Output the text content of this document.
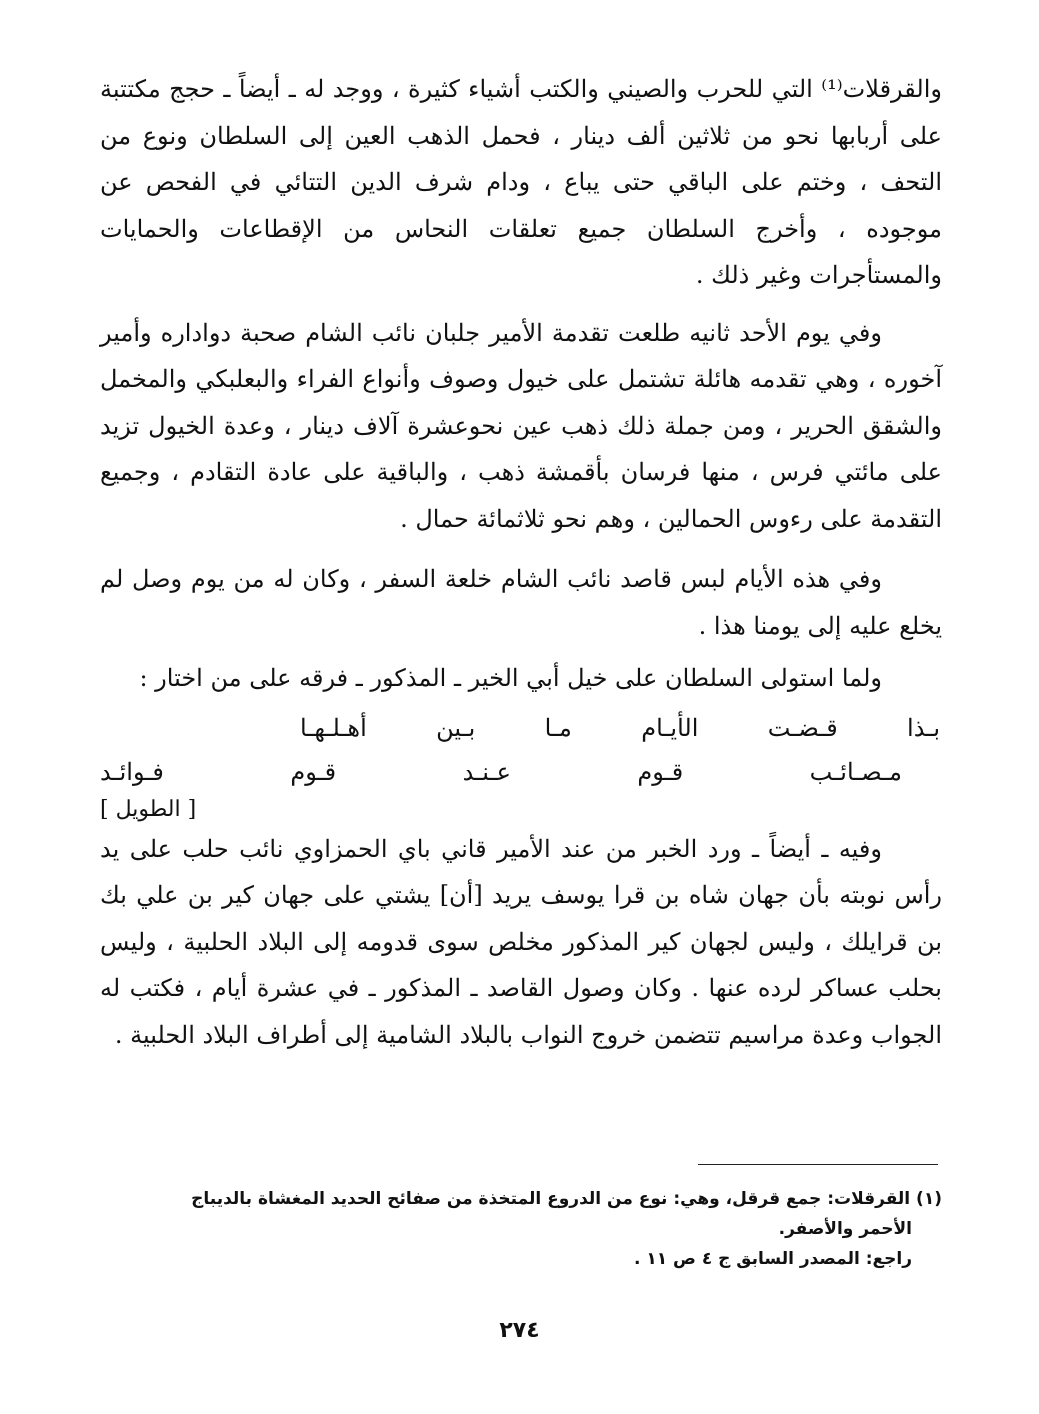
والقرقلات⁽¹⁾ التي للحرب والصيني والكتب أشياء كثيرة ، ووجد له ـ أيضاً ـ حجج مكتتبة على أربابها نحو من ثلاثين ألف دينار ، فحمل الذهب العين إلى السلطان ونوع من التحف ، وختم على الباقي حتى يباع ، ودام شرف الدين التتائي في الفحص عن موجوده ، وأخرج السلطان جميع تعلقات النحاس من الإقطاعات والحمايات والمستأجرات وغير ذلك .

وفي يوم الأحد ثانيه طلعت تقدمة الأمير جلبان نائب الشام صحبة دواداره وأمير آخوره ، وهي تقدمه هائلة تشتمل على خيول وصوف وأنواع الفراء والبعلبكي والمخمل والشقق الحرير ، ومن جملة ذلك ذهب عين نحوعشرة آلاف دينار ، وعدة الخيول تزيد على مائتي فرس ، منها فرسان بأقمشة ذهب ، والباقية على عادة التقادم ، وجميع التقدمة على رءوس الحمالين ، وهم نحو ثلاثمائة حمال .

وفي هذه الأيام لبس قاصد نائب الشام خلعة السفر ، وكان له من يوم وصل لم يخلع عليه إلى يومنا هذا .

ولما استولى السلطان على خيل أبي الخير ـ المذكور ـ فرقه على من اختار :

بـذا قـضـت الأيـام مـا بـين أهـلـهـا
مـصـائـب قـوم عـنـد قـوم فـوائـد
[ الطويل ]

وفيه ـ أيضاً ـ ورد الخبر من عند الأمير قاني باي الحمزاوي نائب حلب على يد رأس نوبته بأن جهان شاه بن قرا يوسف يريد [أن] يشتي على جهان كير بن علي بك بن قرايلك ، وليس لجهان كير المذكور مخلص سوى قدومه إلى البلاد الحلبية ، وليس بحلب عساكر لرده عنها . وكان وصول القاصد ـ المذكور ـ في عشرة أيام ، فكتب له الجواب وعدة مراسيم تتضمن خروج النواب بالبلاد الشامية إلى أطراف البلاد الحلبية .

(١) القرقلات: جمع قرقل، وهي: نوع من الدروع المتخذة من صفائح الحديد المغشاة بالديباج

الأحمر والأصفر.

راجع: المصدر السابق ج ٤ ص ١١ .

٢٧٤
